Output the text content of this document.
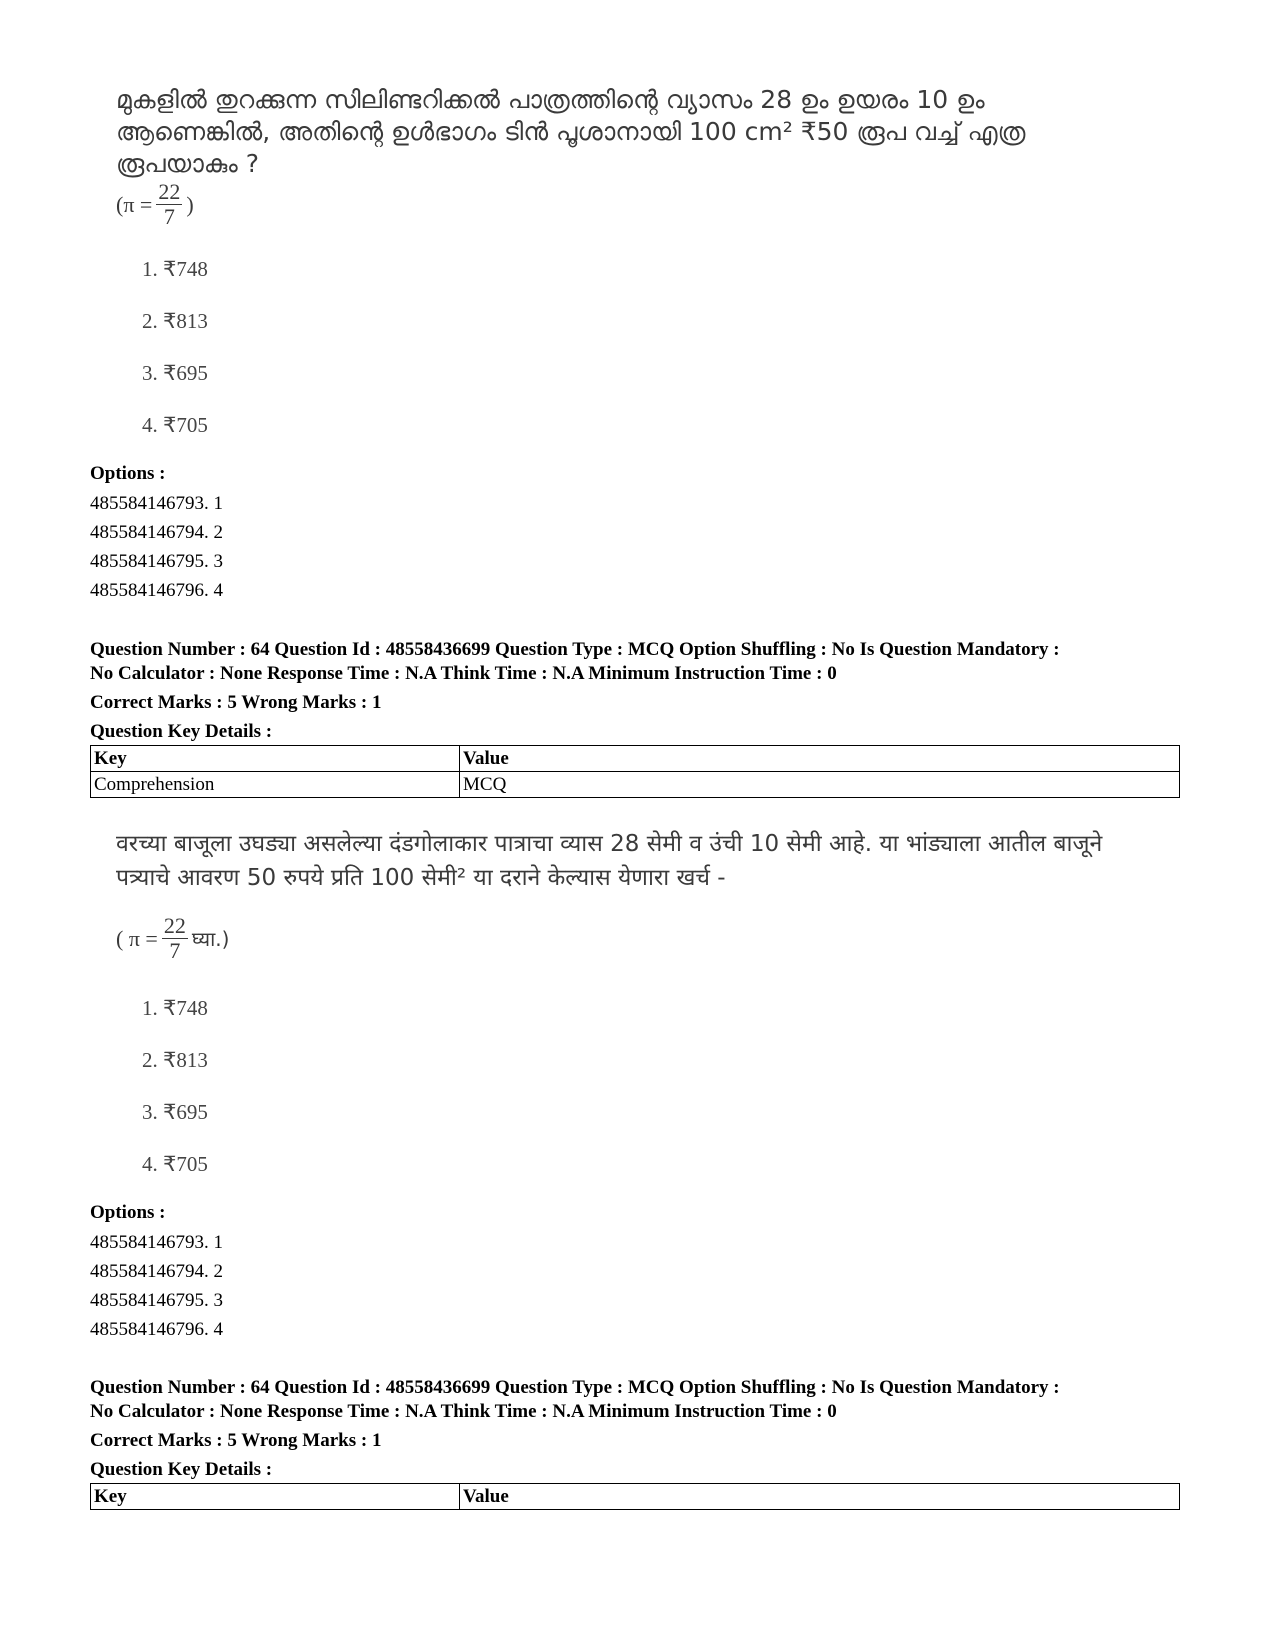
മുകളിൽ തുറക്കുന്ന സിലിണ്ടറിക്കൽ പാത്രത്തിന്റെ വ്യാസം 28 ഉം ഉയരം 10 ഉം
ആണെങ്കിൽ, അതിന്റെ ഉൾഭാഗം ടിൻ പൂശാനായി 100 cm² ₹50 രൂപ വച്ച് എത്ര
രൂപയാകും ?
($\pi = \frac{22}{7}$ )
1. ₹748
2. ₹813
3. ₹695
4. ₹705
Options :
485584146793. 1
485584146794. 2
485584146795. 3
485584146796. 4
Question Number : 64 Question Id : 48558436699 Question Type : MCQ Option Shuffling : No Is Question Mandatory :
No Calculator : None Response Time : N.A Think Time : N.A Minimum Instruction Time : 0
Correct Marks : 5 Wrong Marks : 1
Question Key Details :
Key	Value
Comprehension	MCQ
वरच्या बाजूला उघड्या असलेल्या दंडगोलाकार पात्राचा व्यास 28 सेमी व उंची 10 सेमी आहे. या भांड्याला आतील बाजूने
पत्र्याचे आवरण 50 रुपये प्रति 100 सेमी² या दराने केल्यास येणारा खर्च -
( $\pi = \frac{22}{7}$ घ्या.)
1. ₹748
2. ₹813
3. ₹695
4. ₹705
Options :
485584146793. 1
485584146794. 2
485584146795. 3
485584146796. 4
Question Number : 64 Question Id : 48558436699 Question Type : MCQ Option Shuffling : No Is Question Mandatory :
No Calculator : None Response Time : N.A Think Time : N.A Minimum Instruction Time : 0
Correct Marks : 5 Wrong Marks : 1
Question Key Details :
Key	Value
